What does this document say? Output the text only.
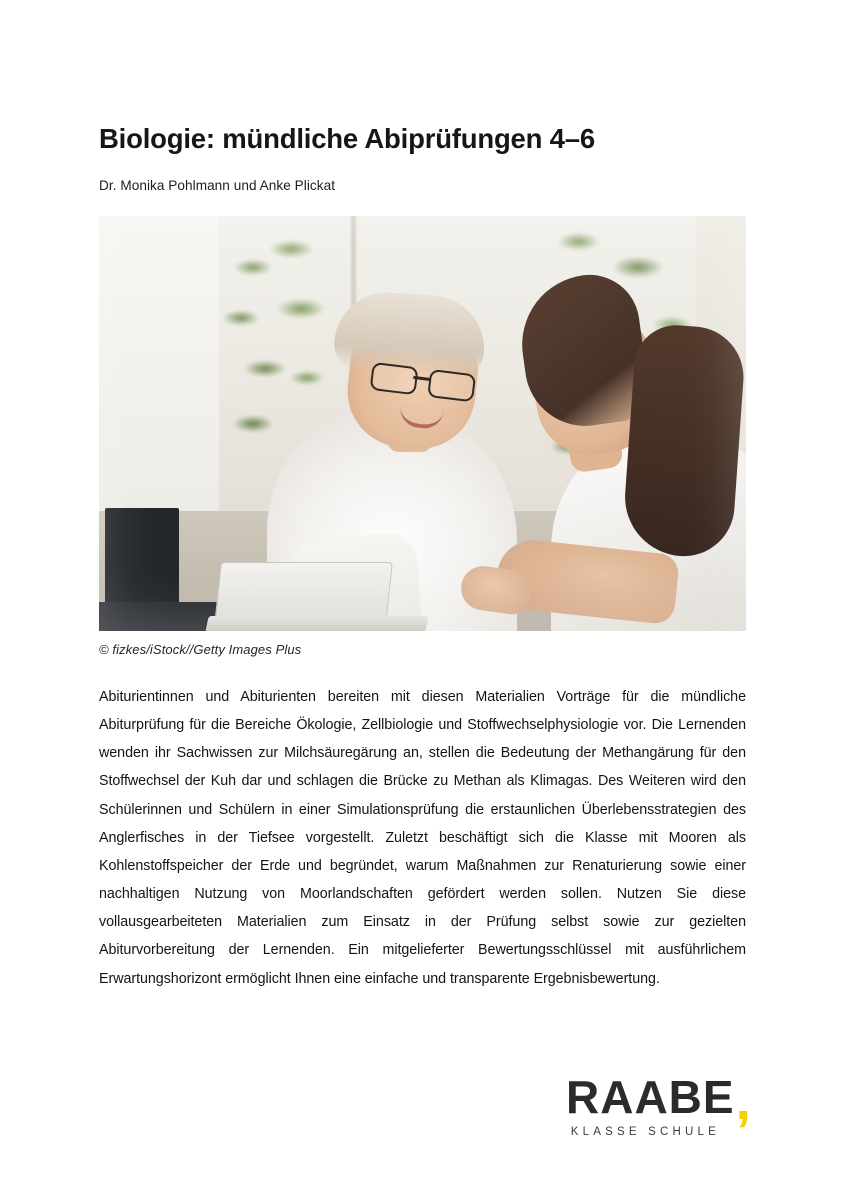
Biologie: mündliche Abiprüfungen 4–6

Dr. Monika Pohlmann und Anke Plickat

© fizkes/iStock//Getty Images Plus

Abiturientinnen und Abiturienten bereiten mit diesen Materialien Vorträge für die mündliche Abiturprüfung für die Bereiche Ökologie, Zellbiologie und Stoffwechselphysiologie vor. Die Lernenden wenden ihr Sachwissen zur Milchsäuregärung an, stellen die Bedeutung der Methangärung für den Stoffwechsel der Kuh dar und schlagen die Brücke zu Methan als Klimagas. Des Weiteren wird den Schülerinnen und Schülern in einer Simulationsprüfung die erstaunlichen Überlebensstrategien des Anglerfisches in der Tiefsee vorgestellt. Zuletzt beschäftigt sich die Klasse mit Mooren als Kohlenstoffspeicher der Erde und begründet, warum Maßnahmen zur Renaturierung sowie einer nachhaltigen Nutzung von Moorlandschaften gefördert werden sollen. Nutzen Sie diese vollausgearbeiteten Materialien zum Einsatz in der Prüfung selbst sowie zur gezielten Abiturvorbereitung der Lernenden. Ein mitgelieferter Bewertungsschlüssel mit ausführlichem Erwartungshorizont ermöglicht Ihnen eine einfache und transparente Ergebnisbewertung.

RAABE,
KLASSE SCHULE
